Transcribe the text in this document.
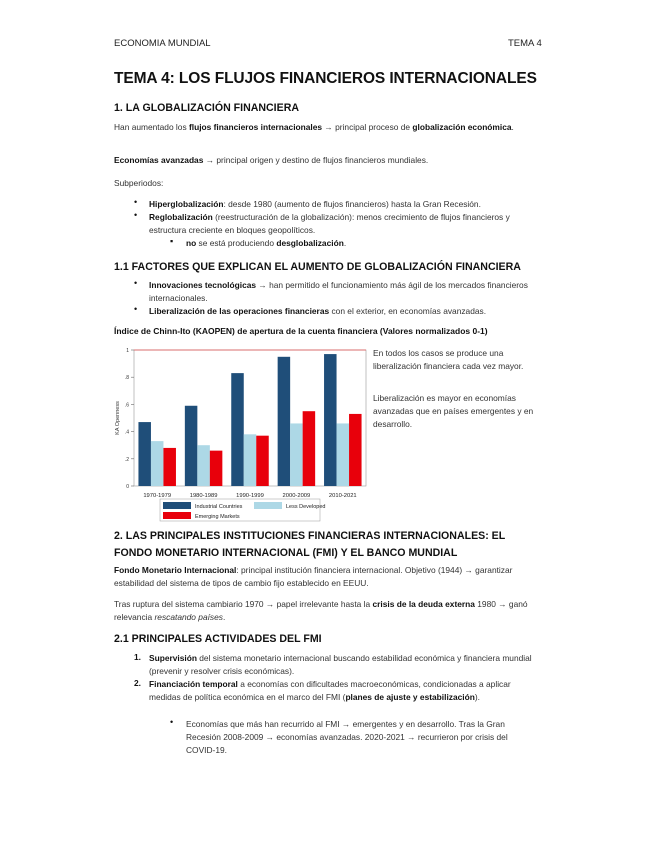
ECONOMIA MUNDIAL	TEMA 4
TEMA 4: LOS FLUJOS FINANCIEROS INTERNACIONALES
1. LA GLOBALIZACIÓN FINANCIERA

Han aumentado los flujos financieros internacionales → principal proceso de globalización económica.

Economías avanzadas → principal origen y destino de flujos financieros mundiales.

Subperiodos:

• Hiperglobalización: desde 1980 (aumento de flujos financieros) hasta la Gran Recesión.
• Reglobalización (reestructuración de la globalización): menos crecimiento de flujos financieros y estructura creciente en bloques geopolíticos.
▪ no se está produciendo desglobalización.
1.1 FACTORES QUE EXPLICAN EL AUMENTO DE GLOBALIZACIÓN FINANCIERA
• Innovaciones tecnológicas → han permitido el funcionamiento más ágil de los mercados financieros internacionales.
• Liberalización de las operaciones financieras con el exterior, en economías avanzadas.
Índice de Chinn-Ito (KAOPEN) de apertura de la cuenta financiera (Valores normalizados 0-1)
0
.2
.4
.6
.8
1
KA Openness
1970-1979	1980-1989	1990-1999	2000-2009	2010-2021
Industrial Countries	Less Developed
Emerging Markets
En todos los casos se produce una liberalización financiera cada vez mayor.
Liberalización es mayor en economías avanzadas que en países emergentes y en desarrollo.
2. LAS PRINCIPALES INSTITUCIONES FINANCIERAS INTERNACIONALES: EL FONDO MONETARIO INTERNACIONAL (FMI) Y EL BANCO MUNDIAL

Fondo Monetario Internacional: principal institución financiera internacional. Objetivo (1944) → garantizar estabilidad del sistema de tipos de cambio fijo establecido en EEUU.

Tras ruptura del sistema cambiario 1970 → papel irrelevante hasta la crisis de la deuda externa 1980 → ganó relevancia rescatando países.

2.1 PRINCIPALES ACTIVIDADES DEL FMI
1. Supervisión del sistema monetario internacional buscando estabilidad económica y financiera mundial (prevenir y resolver crisis económicas).
2. Financiación temporal a economías con dificultades macroeconómicas, condicionadas a aplicar medidas de política económica en el marco del FMI (planes de ajuste y estabilización).
• Economías que más han recurrido al FMI → emergentes y en desarrollo. Tras la Gran Recesión 2008-2009 → economías avanzadas. 2020-2021 → recurrieron por crisis del COVID-19.
